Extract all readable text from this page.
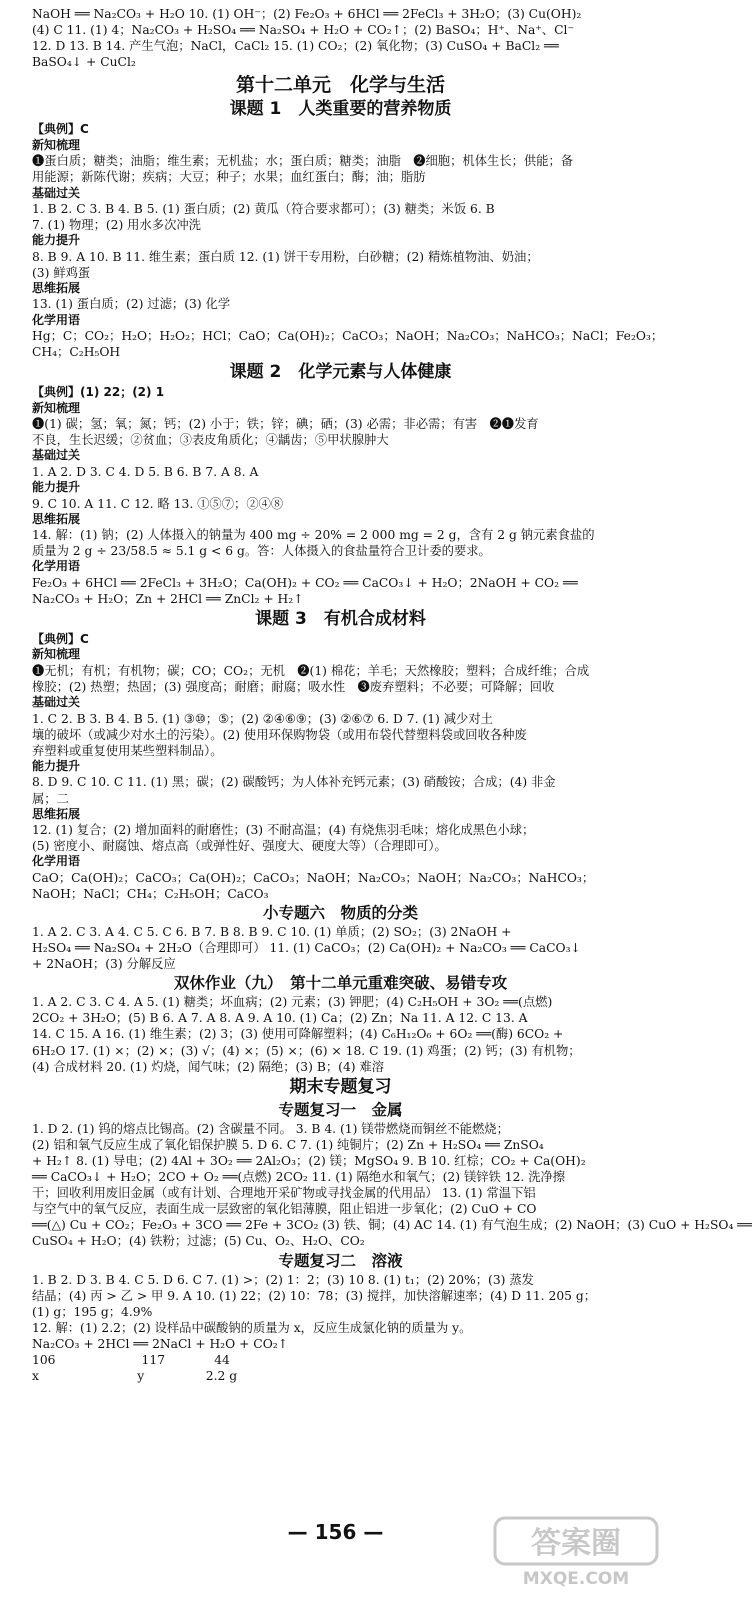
NaOH ══ Na₂CO₃ + H₂O 10. (1) OH⁻；(2) Fe₂O₃ + 6HCl ══ 2FeCl₃ + 3H₂O；(3) Cu(OH)₂
(4) C 11. (1) 4；Na₂CO₃ + H₂SO₄ ══ Na₂SO₄ + H₂O + CO₂↑；(2) BaSO₄；H⁺、Na⁺、Cl⁻
12. D 13. B 14. 产生气泡；NaCl，CaCl₂ 15. (1) CO₂；(2) 氧化物；(3) CuSO₄ + BaCl₂ ══
BaSO₄↓ + CuCl₂
第十二单元　化学与生活
课题 1　人类重要的营养物质
【典例】C
新知梳理
❶蛋白质；糖类；油脂；维生素；无机盐；水；蛋白质；糖类；油脂　❷细胞；机体生长；供能；备
用能源；新陈代谢；疾病；大豆；种子；水果；血红蛋白；酶；油；脂肪
基础过关
1. B 2. C 3. B 4. B 5. (1) 蛋白质；(2) 黄瓜（符合要求都可）；(3) 糖类；米饭 6. B
7. (1) 物理；(2) 用水多次冲洗
能力提升
8. B 9. A 10. B 11. 维生素；蛋白质 12. (1) 饼干专用粉，白砂糖；(2) 精炼植物油、奶油；
(3) 鲜鸡蛋
思维拓展
13. (1) 蛋白质；(2) 过滤；(3) 化学
化学用语
Hg；C；CO₂；H₂O；H₂O₂；HCl；CaO；Ca(OH)₂；CaCO₃；NaOH；Na₂CO₃；NaHCO₃；NaCl；Fe₂O₃；
CH₄；C₂H₅OH
课题 2　化学元素与人体健康
【典例】(1) 22；(2) 1
新知梳理
❶(1) 碳；氢；氧；氮；钙；(2) 小于；铁；锌；碘；硒；(3) 必需；非必需；有害　❷❶发育
不良，生长迟缓；②贫血；③表皮角质化；④龋齿；⑤甲状腺肿大
基础过关
1. A 2. D 3. C 4. D 5. B 6. B 7. A 8. A
能力提升
9. C 10. A 11. C 12. 略 13. ①⑤⑦；②④⑧
思维拓展
14. 解：(1) 钠；(2) 人体摄入的钠量为 400 mg ÷ 20% = 2 000 mg = 2 g，含有 2 g 钠元素食盐的
质量为 2 g ÷ 23/58.5 ≈ 5.1 g < 6 g。答：人体摄入的食盐量符合卫计委的要求。
化学用语
Fe₂O₃ + 6HCl ══ 2FeCl₃ + 3H₂O；Ca(OH)₂ + CO₂ ══ CaCO₃↓ + H₂O；2NaOH + CO₂ ══
Na₂CO₃ + H₂O；Zn + 2HCl ══ ZnCl₂ + H₂↑
课题 3　有机合成材料
【典例】C
新知梳理
❶无机；有机；有机物；碳；CO；CO₂；无机　❷(1) 棉花；羊毛；天然橡胶；塑料；合成纤维；合成
橡胶；(2) 热塑；热固；(3) 强度高；耐磨；耐腐；吸水性　❸废弃塑料；不必要；可降解；回收
基础过关
1. C 2. B 3. B 4. B 5. (1) ③⑩；⑤；(2) ②④⑥⑨；(3) ②⑥⑦ 6. D 7. (1) 减少对土
壤的破坏（或减少对水土的污染）。(2) 使用环保购物袋（或用布袋代替塑料袋或回收各种废
弃塑料或重复使用某些塑料制品）。
能力提升
8. D 9. C 10. C 11. (1) 黑；碳；(2) 碳酸钙；为人体补充钙元素；(3) 硝酸铵；合成；(4) 非金
属；二
思维拓展
12. (1) 复合；(2) 增加面料的耐磨性；(3) 不耐高温；(4) 有烧焦羽毛味；熔化成黑色小球；
(5) 密度小、耐腐蚀、熔点高（或弹性好、强度大、硬度大等）（合理即可）。
化学用语
CaO；Ca(OH)₂；CaCO₃；Ca(OH)₂；CaCO₃；NaOH；Na₂CO₃；NaOH；Na₂CO₃；NaHCO₃；
NaOH；NaCl；CH₄；C₂H₅OH；CaCO₃
小专题六　物质的分类
1. A 2. C 3. A 4. C 5. C 6. B 7. B 8. B 9. C 10. (1) 单质；(2) SO₂；(3) 2NaOH +
H₂SO₄ ══ Na₂SO₄ + 2H₂O（合理即可） 11. (1) CaCO₃；(2) Ca(OH)₂ + Na₂CO₃ ══ CaCO₃↓
+ 2NaOH；(3) 分解反应
双休作业（九）　第十二单元重难突破、易错专攻
1. A 2. C 3. C 4. A 5. (1) 糖类；坏血病；(2) 元素；(3) 钾肥；(4) C₂H₅OH + 3O₂ ══(点燃)
2CO₂ + 3H₂O；(5) B 6. A 7. A 8. A 9. A 10. (1) Ca；(2) Zn；Na 11. A 12. C 13. A
14. C 15. A 16. (1) 维生素；(2) 3；(3) 使用可降解塑料；(4) C₆H₁₂O₆ + 6O₂ ══(酶) 6CO₂ +
6H₂O 17. (1) ×；(2) ×；(3) √；(4) ×；(5) ×；(6) × 18. C 19. (1) 鸡蛋；(2) 钙；(3) 有机物；
(4) 合成材料 20. (1) 灼烧，闻气味；(2) 隔绝；(3) B；(4) 难溶
期末专题复习
专题复习一　金属
1. D 2. (1) 钨的熔点比锡高。(2) 含碳量不同。 3. B 4. (1) 镁带燃烧而铜丝不能燃烧；
(2) 铝和氧气反应生成了氧化铝保护膜 5. D 6. C 7. (1) 纯铜片；(2) Zn + H₂SO₄ ══ ZnSO₄
+ H₂↑ 8. (1) 导电；(2) 4Al + 3O₂ ══ 2Al₂O₃；(2) 镁；MgSO₄ 9. B 10. 红棕；CO₂ + Ca(OH)₂
══ CaCO₃↓ + H₂O；2CO + O₂ ══(点燃) 2CO₂ 11. (1) 隔绝水和氧气；(2) 镁锌铁 12. 洗净擦
干；回收利用废旧金属（或有计划、合理地开采矿物或寻找金属的代用品） 13. (1) 常温下铝
与空气中的氧气反应，表面生成一层致密的氧化铝薄膜，阻止铝进一步氧化；(2) CuO + CO
══(△) Cu + CO₂；Fe₂O₃ + 3CO ══ 2Fe + 3CO₂ (3) 铁、铜；(4) AC 14. (1) 有气泡生成；(2) NaOH；(3) CuO + H₂SO₄ ══
CuSO₄ + H₂O；(4) 铁粉；过滤；(5) Cu、O₂、H₂O、CO₂
专题复习二　溶液
1. B 2. D 3. B 4. C 5. D 6. C 7. (1) >；(2) 1：2；(3) 10 8. (1) t₁；(2) 20%；(3) 蒸发
结晶；(4) 丙 > 乙 > 甲 9. A 10. (1) 22；(2) 10：78；(3) 搅拌，加快溶解速率；(4) D 11. 205 g；
(1) g；195 g；4.9%
12. 解：(1) 2.2；(2) 设样品中碳酸钠的质量为 x，反应生成氯化钠的质量为 y。
Na₂CO₃ + 2HCl ══ 2NaCl + H₂O + CO₂↑
106　　　　　　　117　　　　44
x　　　　　　　　y　　　　　2.2 g
— 156 —	答案圈
MXQE.COM
